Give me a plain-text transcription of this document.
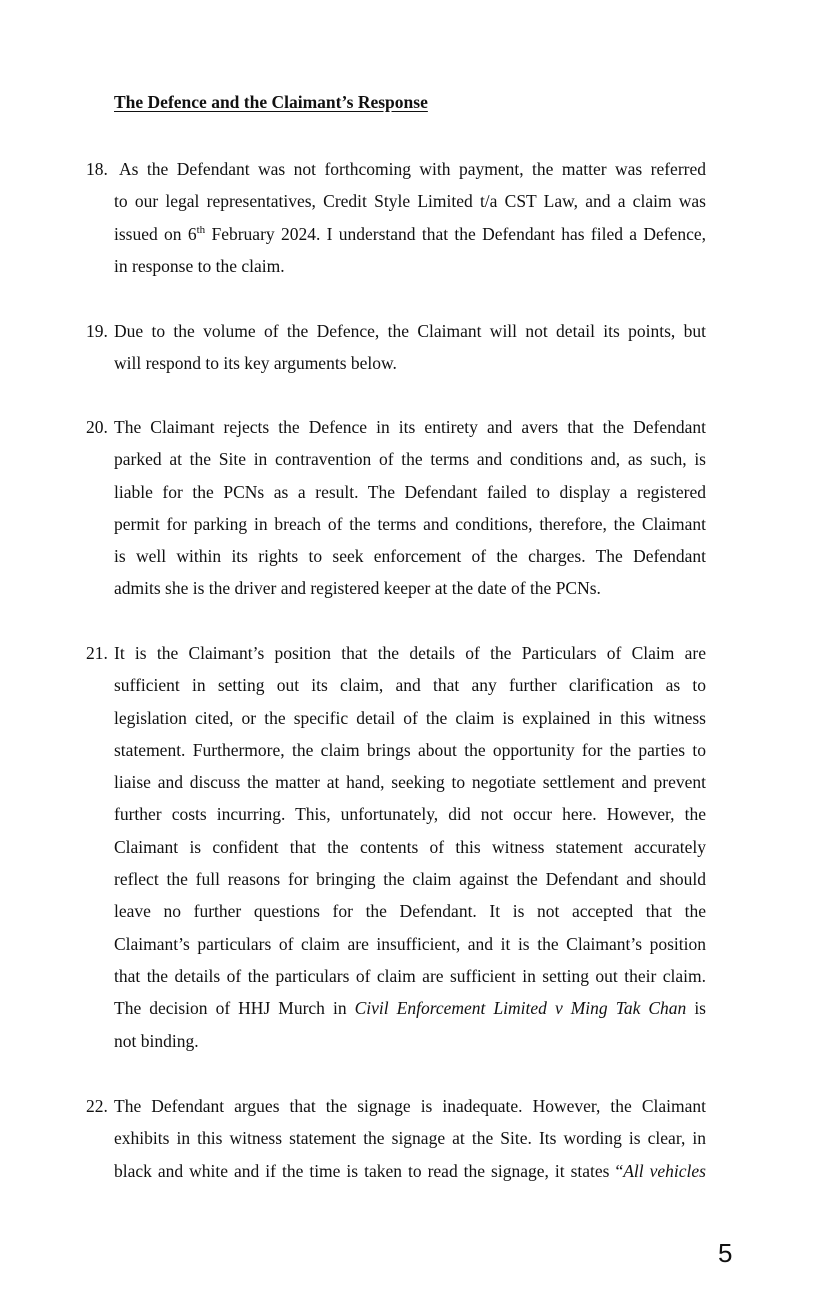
The Defence and the Claimant’s Response
18. As the Defendant was not forthcoming with payment, the matter was referred
to our legal representatives, Credit Style Limited t/a CST Law, and a claim was
issued on 6th February 2024. I understand that the Defendant has filed a Defence,
in response to the claim.
19. Due to the volume of the Defence, the Claimant will not detail its points, but
will respond to its key arguments below.
20. The Claimant rejects the Defence in its entirety and avers that the Defendant
parked at the Site in contravention of the terms and conditions and, as such, is
liable for the PCNs as a result. The Defendant failed to display a registered
permit for parking in breach of the terms and conditions, therefore, the Claimant
is well within its rights to seek enforcement of the charges. The Defendant
admits she is the driver and registered keeper at the date of the PCNs.
21. It is the Claimant’s position that the details of the Particulars of Claim are
sufficient in setting out its claim, and that any further clarification as to
legislation cited, or the specific detail of the claim is explained in this witness
statement. Furthermore, the claim brings about the opportunity for the parties to
liaise and discuss the matter at hand, seeking to negotiate settlement and prevent
further costs incurring. This, unfortunately, did not occur here. However, the
Claimant is confident that the contents of this witness statement accurately
reflect the full reasons for bringing the claim against the Defendant and should
leave no further questions for the Defendant. It is not accepted that the
Claimant’s particulars of claim are insufficient, and it is the Claimant’s position
that the details of the particulars of claim are sufficient in setting out their claim.
The decision of HHJ Murch in Civil Enforcement Limited v Ming Tak Chan is
not binding.
22. The Defendant argues that the signage is inadequate. However, the Claimant
exhibits in this witness statement the signage at the Site. Its wording is clear, in
black and white and if the time is taken to read the signage, it states “All vehicles
5
